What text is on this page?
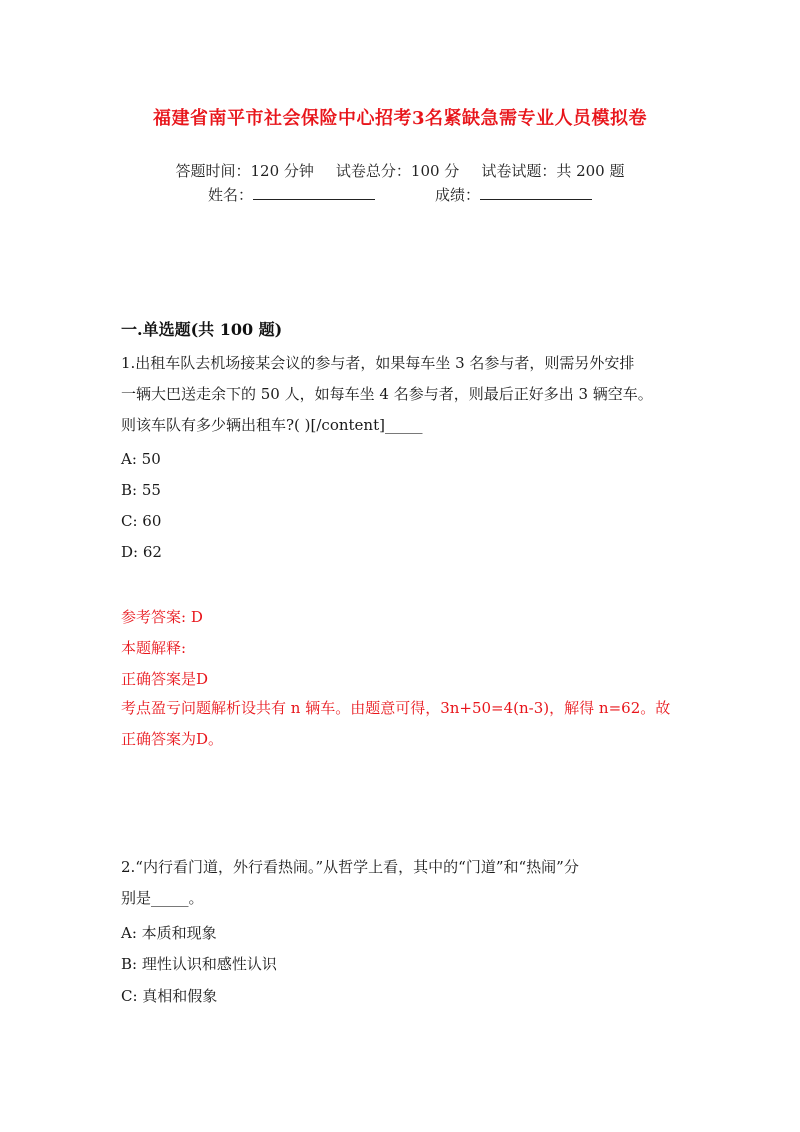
福建省南平市社会保险中心招考3名紧缺急需专业人员模拟卷
答题时间：120 分钟 试卷总分：100 分 试卷试题：共 200 题
姓名：	成绩：
一.单选题(共 100 题)
1.出租车队去机场接某会议的参与者，如果每车坐 3 名参与者，则需另外安排
一辆大巴送走余下的 50 人，如每车坐 4 名参与者，则最后正好多出 3 辆空车。
则该车队有多少辆出租车?( )[/content]_____
A: 50
B: 55
C: 60
D: 62
参考答案: D
本题解释:
正确答案是D
考点盈亏问题解析设共有 n 辆车。由题意可得，3n+50=4(n-3)，解得 n=62。故
正确答案为D。
2.“内行看门道，外行看热闹。”从哲学上看，其中的“门道”和“热闹”分
别是_____。
A: 本质和现象
B: 理性认识和感性认识
C: 真相和假象
